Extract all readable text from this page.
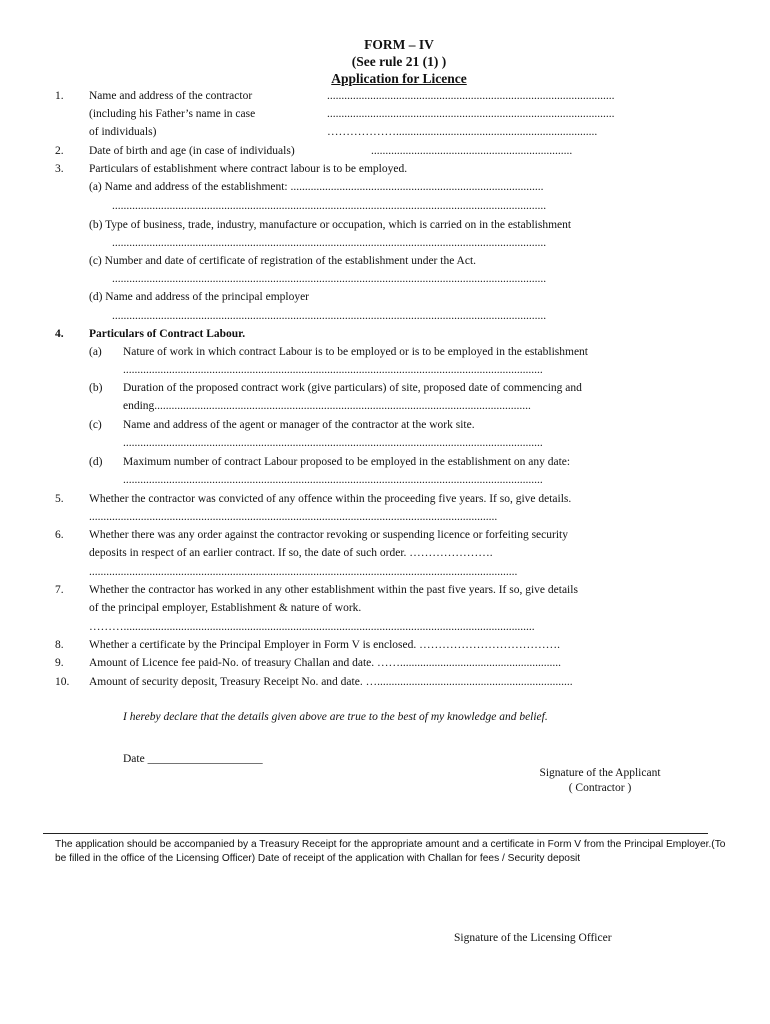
FORM – IV
(See rule 21 (1) )
Application for Licence
1. Name and address of the contractor
(including his Father’s name in case
of individuals)
....................................................................................................
....................................................................................................
………………......................................................................
2. Date of birth and age (in case of individuals)	......................................................................
3. Particulars of establishment where contract labour is to be employed.
(a) Name and address of the establishment: ........................................................................................
.......................................................................................................................................................
(b) Type of business, trade, industry, manufacture or occupation, which is carried on in the establishment
.......................................................................................................................................................
(c) Number and date of certificate of registration of the establishment under the Act.
.......................................................................................................................................................
(d) Name and address of the principal employer
.......................................................................................................................................................
4. Particulars of Contract Labour.
(a) Nature of work in which contract Labour is to be employed or is to be employed in the establishment
..................................................................................................................................................
(b) Duration of the proposed contract work (give particulars) of site, proposed date of commencing and
ending...................................................................................................................................
(c) Name and address of the agent or manager of the contractor at the work site.
..................................................................................................................................................
(d) Maximum number of contract Labour proposed to be employed in the establishment on any date:
..................................................................................................................................................
5. Whether the contractor was convicted of any offence within the proceeding five years. If so, give details.
..............................................................................................................................................
6. Whether there was any order against the contractor revoking or suspending licence or forfeiting security
deposits in respect of an earlier contract. If so, the date of such order. ………………….
.....................................................................................................................................................
7. Whether the contractor has worked in any other establishment within the past five years. If so, give details
of the principal employer, Establishment & nature of work.
………...............................................................................................................................................
8. Whether a certificate by the Principal Employer in Form V is enclosed. ……………………………….
9. Amount of Licence fee paid-No. of treasury Challan and date. ……........................................................
10. Amount of security deposit, Treasury Receipt No. and date. …....................................................................
I hereby declare that the details given above are true to the best of my knowledge and belief.
Date ____________________
Signature of the Applicant
( Contractor )
The application should be accompanied by a Treasury Receipt for the appropriate amount and a certificate in Form V from the Principal Employer.(To be filled in the office of the Licensing Officer) Date of receipt of the application with Challan for fees / Security deposit
Signature of the Licensing Officer
